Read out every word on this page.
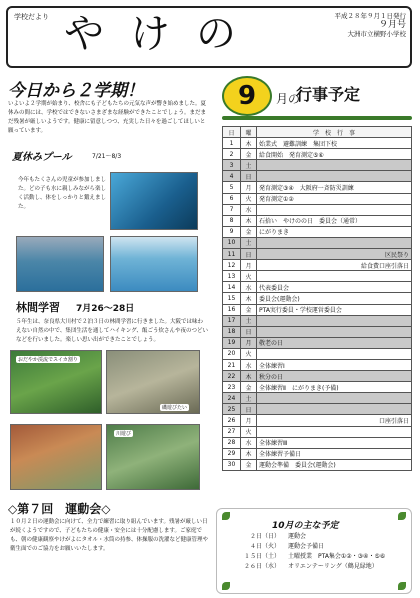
学校だより やけの	平成２８年９月１日発行
９月号
大洲市立横野小学校
今日から２学期！
いよいよ２学期が始まり、校舎にも子どもたちの元気な声が響き始めました。夏休みの間には、学校ではできないさまざまな経験ができたことでしょう。まだまだ残暑が厳しいようです。健康に留意しつつ、充実した日々を過ごしてほしいと願っています。
夏休みプール	7/21〜8/3
今年もたくさんの児童が参加しました。どの子も水に親しみながら楽しく活動し、体をしっかりと鍛えました。
林間学習 7月26〜28日
５年生は、奈良県大川村で２泊３日の林間学習に行きました。大阪では味わえない自然の中で、集団生活を通してハイキング、飯ごう炊さんや夜のつどいなどを行いました。楽しい思い出ができたことでしょう。
おだやか渓流でスイカ割り
磯遊びたい
川遊び
◇第７回　運動会◇
１０月２日の運動会に向けて、全力で練習に取り組んでいます。残暑が厳しい日が続くようですので、子どもたちの健康・安全には十分配慮します。ご家庭でも、朝の健康観察やけがよにタオル・水筒の持参、体操服の洗濯など健康管理や衛生面でのご協力をお願いいたします。
9	月の
行事予定
日	曜	学　校　行　事
1	木	始業式　避難訓練　集団下校

2	金	給食開始　発育測定⑤⑥

3	土	

4	日	

5	月	発育測定③④　大阪府一斉防災訓練

6	火	発育測定①②

7	水	

8	木	石拾い　やけのの日　委員会（通常）

9	金	にがりまき

10	土	

11	日	区民祭り

12	月	給食費口座引落日

13	火	

14	水	代表委員会

15	木	委員会(運動会)

16	金	PTA実行委員・学校運営委員会

17	土	

18	日	

19	月	敬老の日

20	火	

21	水	全体練習Ⅰ

22	木	秋分の日

23	金	全体練習Ⅱ　にがりまき(予備)

24	土	

25	日	

26	月	口座引落日

27	火	

28	水	全体練習Ⅲ

29	木	全体練習予備日

30	金	運動会準備　委員会(運動会)
10月の主な予定
２日（日） 運動会
４日（火） 運動会予備日
１５日（土） 土曜授業　PTA集会①②・③④・⑤⑥
２６日（水） オリエンテーリング（鶴見緑地）
